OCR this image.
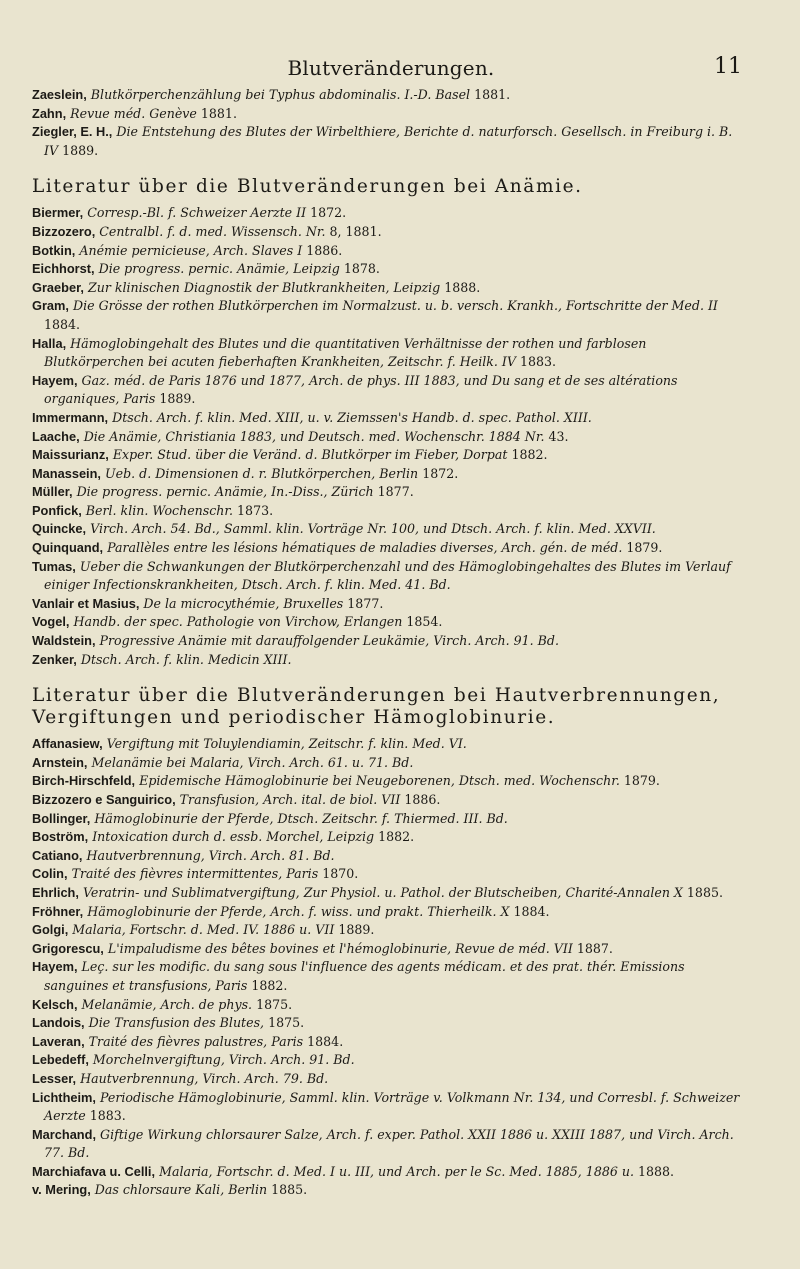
Blutveränderungen.	11
Zaeslein, Blutkörperchenzählung bei Typhus abdominalis. I.-D. Basel 1881.
Zahn, Revue méd. Genève 1881.
Ziegler, E. H., Die Entstehung des Blutes der Wirbelthiere, Berichte d. naturforsch. Gesellsch. in Freiburg i. B. IV 1889.
Literatur über die Blutveränderungen bei Anämie.
Biermer, Corresp.-Bl. f. Schweizer Aerzte II 1872.
Bizzozero, Centralbl. f. d. med. Wissensch. Nr. 8, 1881.
Botkin, Anémie pernicieuse, Arch. Slaves I 1886.
Eichhorst, Die progress. pernic. Anämie, Leipzig 1878.
Graeber, Zur klinischen Diagnostik der Blutkrankheiten, Leipzig 1888.
Gram, Die Grösse der rothen Blutkörperchen im Normalzust. u. b. versch. Krankh., Fortschritte der Med. II 1884.
Halla, Hämoglobingehalt des Blutes und die quantitativen Verhältnisse der rothen und farblosen Blutkörperchen bei acuten fieberhaften Krankheiten, Zeitschr. f. Heilk. IV 1883.
Hayem, Gaz. méd. de Paris 1876 und 1877, Arch. de phys. III 1883, und Du sang et de ses altérations organiques, Paris 1889.
Immermann, Dtsch. Arch. f. klin. Med. XIII, u. v. Ziemssen's Handb. d. spec. Pathol. XIII.
Laache, Die Anämie, Christiania 1883, und Deutsch. med. Wochenschr. 1884 Nr. 43.
Maissurianz, Exper. Stud. über die Veränd. d. Blutkörper im Fieber, Dorpat 1882.
Manassein, Ueb. d. Dimensionen d. r. Blutkörperchen, Berlin 1872.
Müller, Die progress. pernic. Anämie, In.-Diss., Zürich 1877.
Ponfick, Berl. klin. Wochenschr. 1873.
Quincke, Virch. Arch. 54. Bd., Samml. klin. Vorträge Nr. 100, und Dtsch. Arch. f. klin. Med. XXVII.
Quinquand, Parallèles entre les lésions hématiques de maladies diverses, Arch. gén. de méd. 1879.
Tumas, Ueber die Schwankungen der Blutkörperchenzahl und des Hämoglobingehaltes des Blutes im Verlauf einiger Infectionskrankheiten, Dtsch. Arch. f. klin. Med. 41. Bd.
Vanlair et Masius, De la microcythémie, Bruxelles 1877.
Vogel, Handb. der spec. Pathologie von Virchow, Erlangen 1854.
Waldstein, Progressive Anämie mit darauffolgender Leukämie, Virch. Arch. 91. Bd.
Zenker, Dtsch. Arch. f. klin. Medicin XIII.
Literatur über die Blutveränderungen bei Hautverbrennungen, Vergiftungen und periodischer Hämoglobinurie.
Affanasiew, Vergiftung mit Toluylendiamin, Zeitschr. f. klin. Med. VI.
Arnstein, Melanämie bei Malaria, Virch. Arch. 61. u. 71. Bd.
Birch-Hirschfeld, Epidemische Hämoglobinurie bei Neugeborenen, Dtsch. med. Wochenschr. 1879.
Bizzozero e Sanguirico, Transfusion, Arch. ital. de biol. VII 1886.
Bollinger, Hämoglobinurie der Pferde, Dtsch. Zeitschr. f. Thiermed. III. Bd.
Boström, Intoxication durch d. essb. Morchel, Leipzig 1882.
Catiano, Hautverbrennung, Virch. Arch. 81. Bd.
Colin, Traité des fièvres intermittentes, Paris 1870.
Ehrlich, Veratrin- und Sublimatvergiftung, Zur Physiol. u. Pathol. der Blutscheiben, Charité-Annalen X 1885.
Fröhner, Hämoglobinurie der Pferde, Arch. f. wiss. und prakt. Thierheilk. X 1884.
Golgi, Malaria, Fortschr. d. Med. IV. 1886 u. VII 1889.
Grigorescu, L'impaludisme des bêtes bovines et l'hémoglobinurie, Revue de méd. VII 1887.
Hayem, Leç. sur les modific. du sang sous l'influence des agents médicam. et des prat. thér. Emissions sanguines et transfusions, Paris 1882.
Kelsch, Melanämie, Arch. de phys. 1875.
Landois, Die Transfusion des Blutes, 1875.
Laveran, Traité des fièvres palustres, Paris 1884.
Lebedeff, Morchelnvergiftung, Virch. Arch. 91. Bd.
Lesser, Hautverbrennung, Virch. Arch. 79. Bd.
Lichtheim, Periodische Hämoglobinurie, Samml. klin. Vorträge v. Volkmann Nr. 134, und Corresbl. f. Schweizer Aerzte 1883.
Marchand, Giftige Wirkung chlorsaurer Salze, Arch. f. exper. Pathol. XXII 1886 u. XXIII 1887, und Virch. Arch. 77. Bd.
Marchiafava u. Celli, Malaria, Fortschr. d. Med. I u. III, und Arch. per le Sc. Med. 1885, 1886 u. 1888.
v. Mering, Das chlorsaure Kali, Berlin 1885.
